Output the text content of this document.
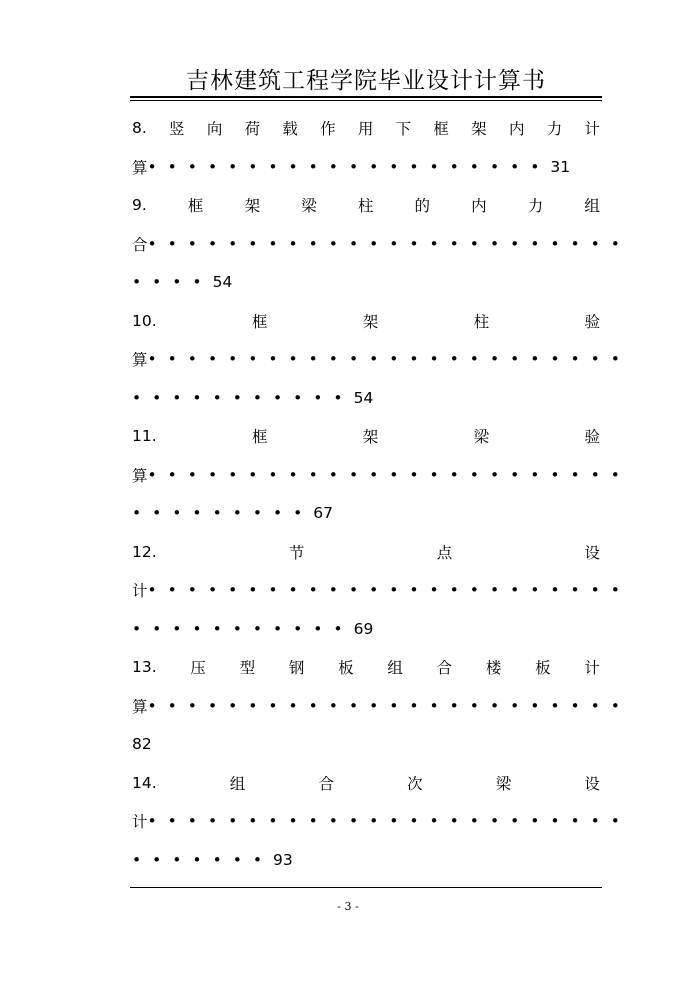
吉林建筑工程学院毕业设计计算书
8. 竖 向 荷 载 作 用 下 框 架 内 力 计
算 •••••••••••••••••••• 31
9.	框	架	梁	柱	的	内	力	组
合 ••••••••••••••••••••••••
•••• 54
10.	框	架	柱	验
算 ••••••••••••••••••••••••
••••••••••• 54
11.	框	架	梁	验
算 ••••••••••••••••••••••••
••••••••• 67
12.	节	点	设
计 ••••••••••••••••••••••••
••••••••••• 69
13. 压 型 钢 板 组 合 楼 板 计
算 ••••••••••••••••••••••••
82
14.	组	合	次	梁	设
计 ••••••••••••••••••••••••
••••••• 93
- 3 -
